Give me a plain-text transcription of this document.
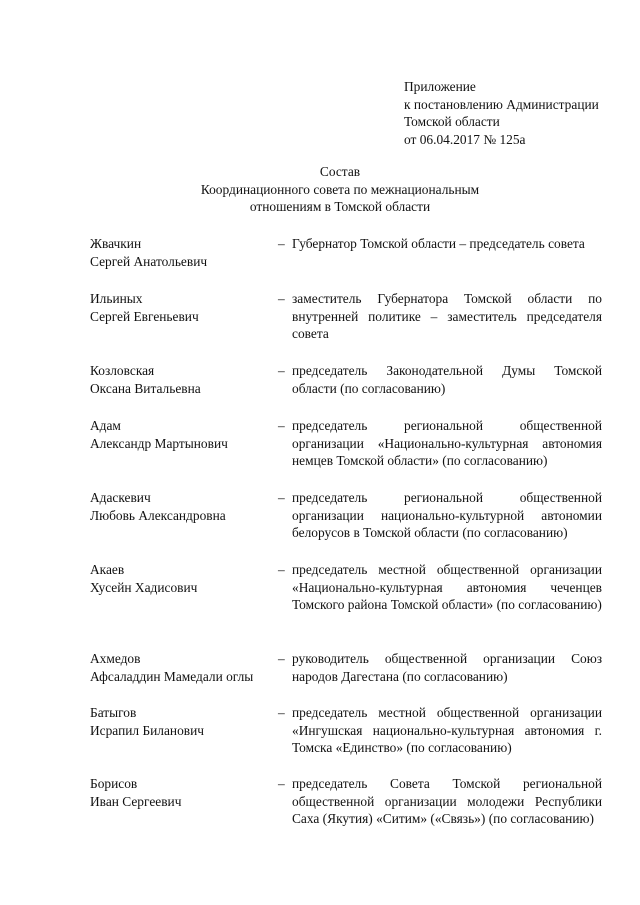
Приложение
к постановлению Администрации
Томской области
от 06.04.2017 № 125а
Состав
Координационного совета по межнациональным
отношениям в Томской области
Жвачкин
Сергей Анатольевич
– Губернатор Томской области – председатель совета
Ильиных
Сергей Евгеньевич
– заместитель Губернатора Томской области по внутренней политике – заместитель председателя совета
Козловская
Оксана Витальевна
– председатель Законодательной Думы Томской области (по согласованию)
Адам
Александр Мартынович
– председатель региональной общественной организации «Национально-культурная автономия немцев Томской области» (по согласованию)
Адаскевич
Любовь Александровна
– председатель региональной общественной организации национально-культурной автономии белорусов в Томской области (по согласованию)
Акаев
Хусейн Хадисович
– председатель местной общественной организации «Национально-культурная автономия чеченцев Томского района Томской области» (по согласованию)
Ахмедов
Афсаладдин Мамедали оглы
– руководитель общественной организации Союз народов Дагестана (по согласованию)
Батыгов
Исрапил Биланович
– председатель местной общественной организации «Ингушская национально-культурная автономия г. Томска «Единство» (по согласованию)
Борисов
Иван Сергеевич
– председатель Совета Томской региональной общественной организации молодежи Республики Саха (Якутия) «Ситим» («Связь») (по согласованию)
